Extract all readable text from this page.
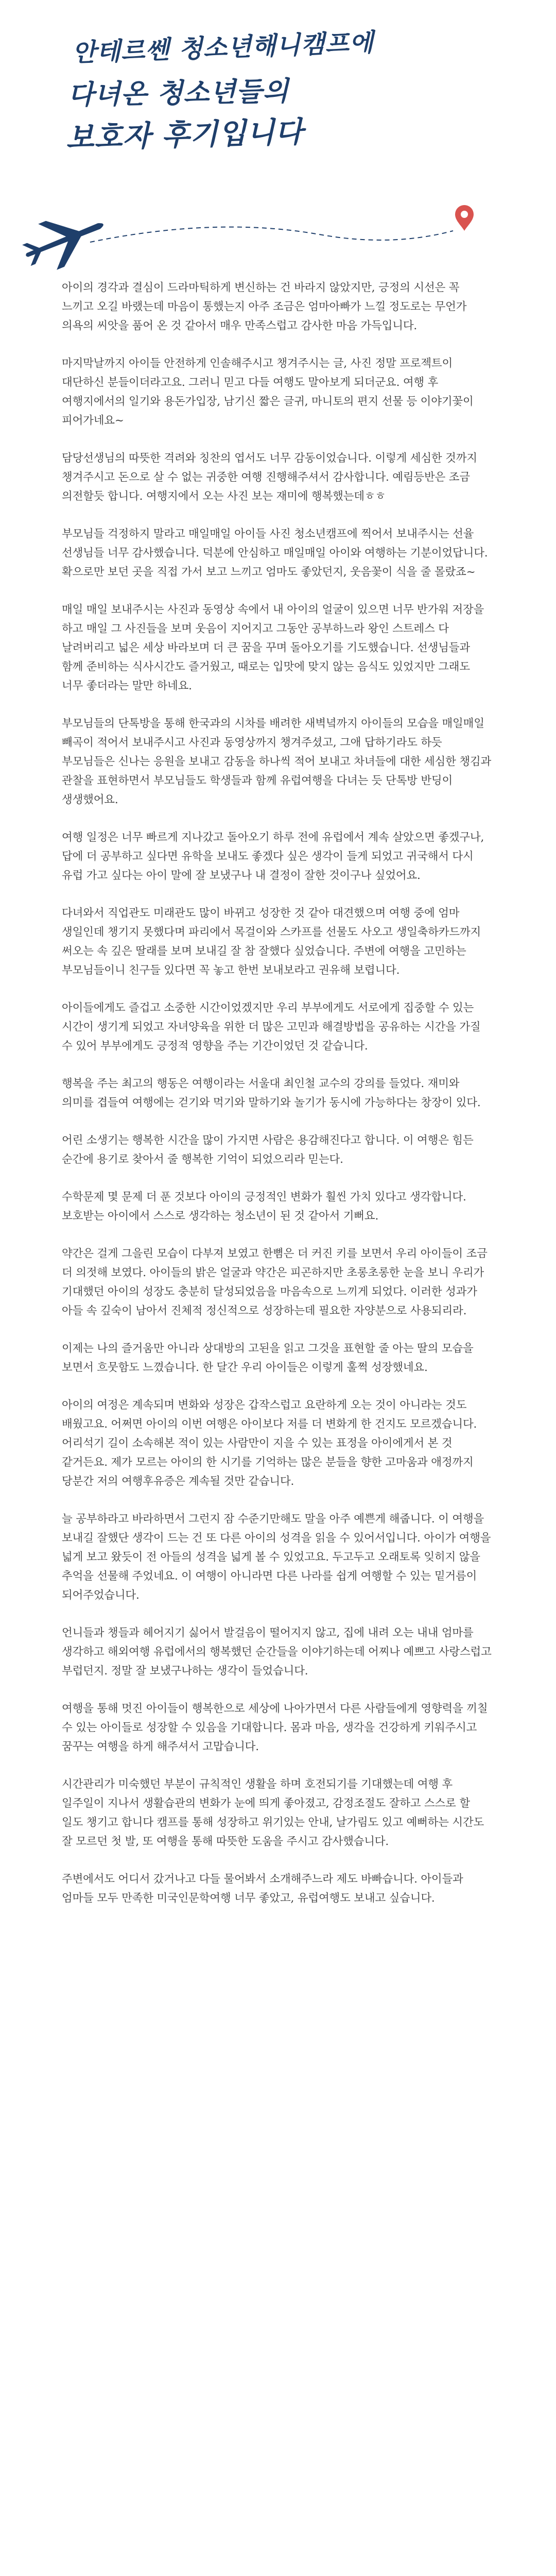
안테르쎈 청소년해니캠프에
다녀온 청소년들의
보호자 후기입니다

아이의 경각과 결심이 드라마틱하게 변신하는 건 바라지 않았지만, 긍정의 시선은 꼭 느끼고 오길 바랬는데 마음이 통했는지 아주 조금은 엄마아빠가 느낄 정도로는 무언가 의욕의 씨앗을 품어 온 것 같아서 매우 만족스럽고 감사한 마음 가득입니다.

마지막날까지 아이들 안전하게 인솔해주시고 챙겨주시는 글, 사진 정말 프로젝트이 대단하신 분들이더라고요. 그러니 믿고 다들 여행도 말아보게 되더군요. 여행 후 여행지에서의 일기와 용돈가입장, 남기신 짧은 글귀, 마니토의 편지 선물 등 이야기꽃이 피어가네요~

담당선생님의 따뜻한 격려와 칭찬의 엽서도 너무 감동이었습니다. 이렇게 세심한 것까지 챙겨주시고 돈으로 살 수 없는 귀중한 여행 진행해주셔서 감사합니다. 예림등반은 조금 의전할듯 합니다. 여행지에서 오는 사진 보는 재미에 행복했는데ㅎㅎ

부모님들 걱정하지 말라고 매일매일 아이들 사진 청소년캠프에 찍어서 보내주시는 선율 선생님들 너무 감사했습니다. 덕분에 안심하고 매일매일 아이와 여행하는 기분이었답니다. 확으로만 보던 곳을 직접 가서 보고 느끼고 엄마도 좋았던지, 웃음꽃이 식을 줄 몰랐죠~

매일 매일 보내주시는 사진과 동영상 속에서 내 아이의 얼굴이 있으면 너무 반가워 저장을 하고 매일 그 사진들을 보며 웃음이 지어지고 그동안 공부하느라 왕인 스트레스 다 날려버리고 넓은 세상 바라보며 더 큰 꿈을 꾸며 돌아오기를 기도했습니다. 선생님들과 함께 준비하는 식사시간도 즐거웠고, 때로는 입맛에 맞지 않는 음식도 있었지만 그래도 너무 좋더라는 말만 하네요.

부모님들의 단톡방을 통해 한국과의 시차를 배려한 새벽녘까지 아이들의 모습을 매일매일 빼곡이 적어서 보내주시고 사진과 동영상까지 챙겨주셨고, 그애 답하기라도 하듯 부모님들은 신나는 응원을 보내고 감동을 하나씩 적어 보내고 차녀들에 대한 세심한 챙김과 관찰을 표현하면서 부모님들도 학생들과 함께 유럽여행을 다녀는 듯 단톡방 반딩이 생생했어요.

여행 일정은 너무 빠르게 지나갔고 돌아오기 하루 전에 유럽에서 계속 살았으면 좋겠구나, 답에 더 공부하고 싶다면 유학을 보내도 좋겠다 싶은 생각이 들게 되었고 귀국해서 다시 유럽 가고 싶다는 아이 말에 잘 보냈구나 내 결정이 잘한 것이구나 싶었어요.

다녀와서 직업관도 미래관도 많이 바뀌고 성장한 것 같아 대견했으며 여행 중에 엄마 생일인데 챙기지 못했다며 파리에서 목걸이와 스카프를 선물도 사오고 생일축하카드까지 써오는 속 깊은 딸래를 보며 보내길 잘 참 잘했다 싶었습니다. 주변에 여행을 고민하는 부모님들이니 친구들 있다면 꼭 놓고 한번 보내보라고 권유해 보렵니다.

아이들에게도 즐겁고 소중한 시간이었겠지만 우리 부부에게도 서로에게 집중할 수 있는 시간이 생기게 되었고 자녀양육을 위한 더 많은 고민과 해결방법을 공유하는 시간을 가질 수 있어 부부에게도 긍정적 영향을 주는 기간이었던 것 같습니다.

행복을 주는 최고의 행동은 여행이라는 서울대 최인철 교수의 강의를 들었다. 재미와 의미를 겹들여 여행에는 걷기와 먹기와 말하기와 놀기가 동시에 가능하다는 창장이 있다.

어린 소생기는 행복한 시간을 많이 가지면 사람은 용감해진다고 합니다. 이 여행은 힘든 순간에 용기로 찾아서 줄 행복한 기억이 되었으리라 믿는다.

수학문제 몇 문제 더 푼 것보다 아이의 긍정적인 변화가 훨씬 가치 있다고 생각합니다. 보호받는 아이에서 스스로 생각하는 청소년이 된 것 같아서 기뻐요.

약간은 걸게 그을린 모습이 다부져 보였고 한뼘은 더 커진 키를 보면서 우리 아이들이 조금 더 의젓해 보였다. 아이들의 밝은 얼굴과 약간은 피곤하지만 초롱초롱한 눈을 보니 우리가 기대했던 아이의 성장도 충분히 달성되었음을 마음속으로 느끼게 되었다. 이러한 성과가 아들 속 깊숙이 남아서 진체적 정신적으로 성장하는데 필요한 자양분으로 사용되리라.

이제는 나의 즐거움만 아니라 상대방의 고된을 읽고 그것을 표현할 줄 아는 딸의 모습을 보면서 흐뭇함도 느꼈습니다. 한 달간 우리 아이들은 이렇게 훌쩍 성장했네요.

아이의 여정은 계속되며 변화와 성장은 갑작스럽고 요란하게 오는 것이 아니라는 것도 배웠고요. 어쩌면 아이의 이번 여행은 아이보다 저를 더 변화게 한 건지도 모르겠습니다. 어리석기 길이 소속해본 적이 있는 사람만이 지을 수 있는 표정을 아이에게서 본 것 같거든요. 제가 모르는 아이의 한 시기를 기억하는 많은 분들을 향한 고마움과 애정까지 당분간 저의 여행후유증은 계속될 것만 같습니다.

늘 공부하라고 바라하면서 그런지 잠 수준기만해도 말을 아주 예쁜게 해줍니다. 이 여행을 보내길 잘했단 생각이 드는 건 또 다른 아이의 성격을 읽을 수 있어서입니다. 아이가 여행을 넓게 보고 왔듯이 전 아들의 성격을 넓게 볼 수 있었고요. 두고두고 오래토록 잊히지 않을 추억을 선물해 주었네요. 이 여행이 아니라면 다른 나라를 쉽게 여행할 수 있는 밑거름이 되어주었습니다.

언니들과 챙들과 헤어지기 싫어서 발걸음이 떨어지지 않고, 집에 내려 오는 내내 엄마를 생각하고 해외여행 유럽에서의 행복했던 순간들을 이야기하는데 어찌나 예쁘고 사랑스럽고 부럽던지. 정말 잘 보냈구나하는 생각이 들었습니다.

여행을 통해 멋진 아이들이 행복한으로 세상에 나아가면서 다른 사람들에게 영향력을 끼칠 수 있는 아이들로 성장할 수 있음을 기대합니다. 몸과 마음, 생각을 건강하게 키워주시고 꿈꾸는 여행을 하게 해주셔서 고맙습니다.

시간관리가 미숙했던 부분이 규칙적인 생활을 하며 호전되기를 기대했는데 여행 후 일주일이 지나서 생활습관의 변화가 눈에 띄게 좋아졌고, 감정조절도 잘하고 스스로 할 일도 챙기고 합니다 캠프를 통해 성장하고 위기있는 안내, 날가림도 있고 예뻐하는 시간도 잘 모르던 첫 발, 또 여행을 통해 따뜻한 도움을 주시고 감사했습니다.

주변에서도 어디서 갔거나고 다들 물어봐서 소개해주느라 제도 바빠습니다. 아이들과 엄마들 모두 만족한 미국인문학여행 너무 좋았고, 유럽여행도 보내고 싶습니다.
